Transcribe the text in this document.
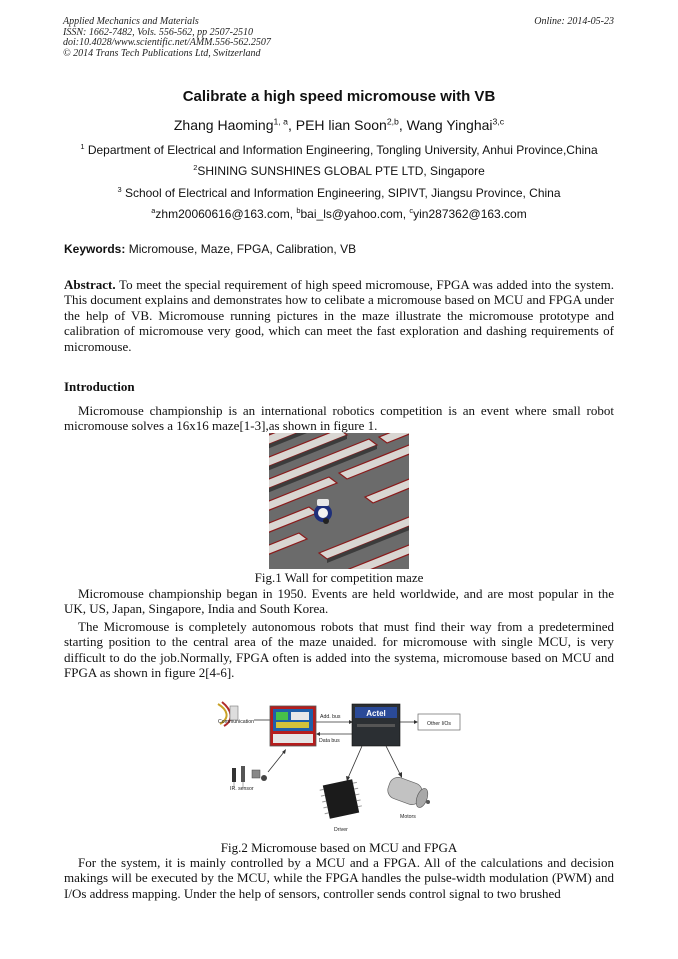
Applied Mechanics and Materials
ISSN: 1662-7482, Vols. 556-562, pp 2507-2510
doi:10.4028/www.scientific.net/AMM.556-562.2507
© 2014 Trans Tech Publications Ltd, Switzerland
Online: 2014-05-23
Calibrate a high speed micromouse with VB
Zhang Haoming$^{1, a}$, PEH lian Soon$^{2,b}$, Wang Yinghai$^{3,c}$
$^1$ Department of Electrical and Information Engineering, Tongling University, Anhui Province,China
$^2$SHINING SUNSHINES GLOBAL PTE LTD, Singapore
$^3$ School of Electrical and Information Engineering, SIPIVT, Jiangsu Province, China
$^a$zhm20060616@163.com, $^b$bai_ls@yahoo.com, $^c$yin287362@163.com
Keywords: Micromouse, Maze, FPGA, Calibration, VB
Abstract. To meet the special requirement of high speed micromouse, FPGA was added into the system. This document explains and demonstrates how to celibate a micromouse based on MCU and FPGA under the help of VB. Micromouse running pictures in the maze illustrate the micromouse prototype and calibration of micromouse very good, which can meet the fast exploration and dashing requirements of micromouse.
Introduction
Micromouse championship is an international robotics competition is an event where small robot micromouse solves a 16x16 maze[1-3],as shown in figure 1.
Fig.1 Wall for competition maze
Micromouse championship began in 1950. Events are held worldwide, and are most popular in the UK, US, Japan, Singapore, India and South Korea.
The Micromouse is completely autonomous robots that must find their way from a predetermined starting position to the central area of the maze unaided. for micromouse with single MCU, is very difficult to do the job.Normally, FPGA often is added into the systema, micromouse based on MCU and FPGA as shown in figure 2[4-6].
Communication
Add. bus
Data bus
Actel
Other I/Os
IR. sensor
Driver
Motors
Fig.2 Micromouse based on MCU and FPGA
For the system, it is mainly controlled by a MCU and a FPGA. All of the calculations and decision makings will be executed by the MCU, while the FPGA handles the pulse-width modulation (PWM) and I/Os address mapping. Under the help of sensors, controller sends control signal to two brushed
